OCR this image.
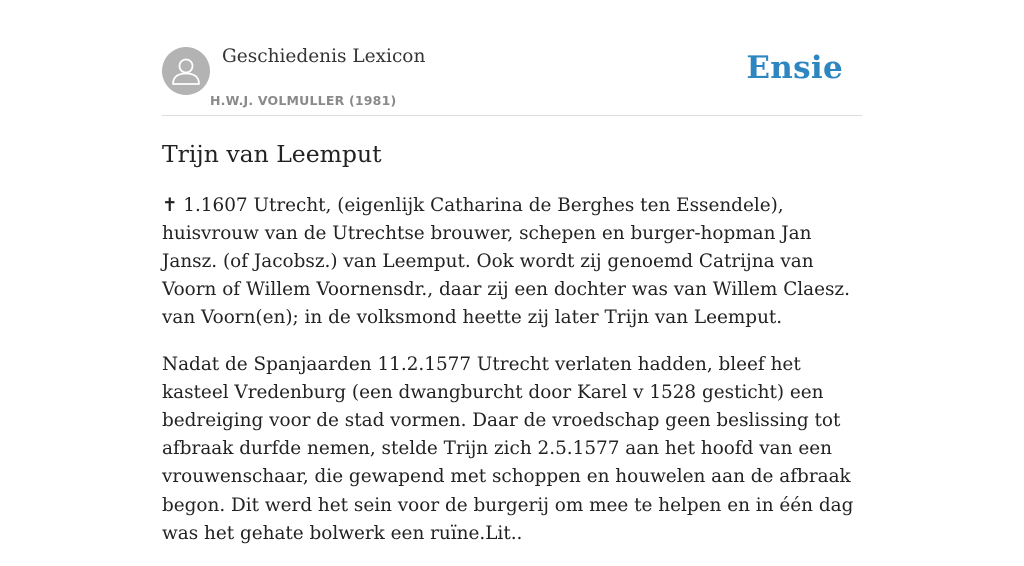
Geschiedenis Lexicon
H.W.J. VOLMULLER (1981)
Ensie
Trijn van Leemput

✝ 1.1607 Utrecht, (eigenlijk Catharina de Berghes ten Essendele), huisvrouw van de Utrechtse brouwer, schepen en burger-hopman Jan Jansz. (of Jacobsz.) van Leemput. Ook wordt zij genoemd Catrijna van Voorn of Willem Voornensdr., daar zij een dochter was van Willem Claesz. van Voorn(en); in de volksmond heette zij later Trijn van Leemput.

Nadat de Spanjaarden 11.2.1577 Utrecht verlaten hadden, bleef het kasteel Vredenburg (een dwangburcht door Karel v 1528 gesticht) een bedreiging voor de stad vormen. Daar de vroedschap geen beslissing tot afbraak durfde nemen, stelde Trijn zich 2.5.1577 aan het hoofd van een vrouwenschaar, die gewapend met schoppen en houwelen aan de afbraak begon. Dit werd het sein voor de burgerij om mee te helpen en in één dag was het gehate bolwerk een ruïne.Lit..
